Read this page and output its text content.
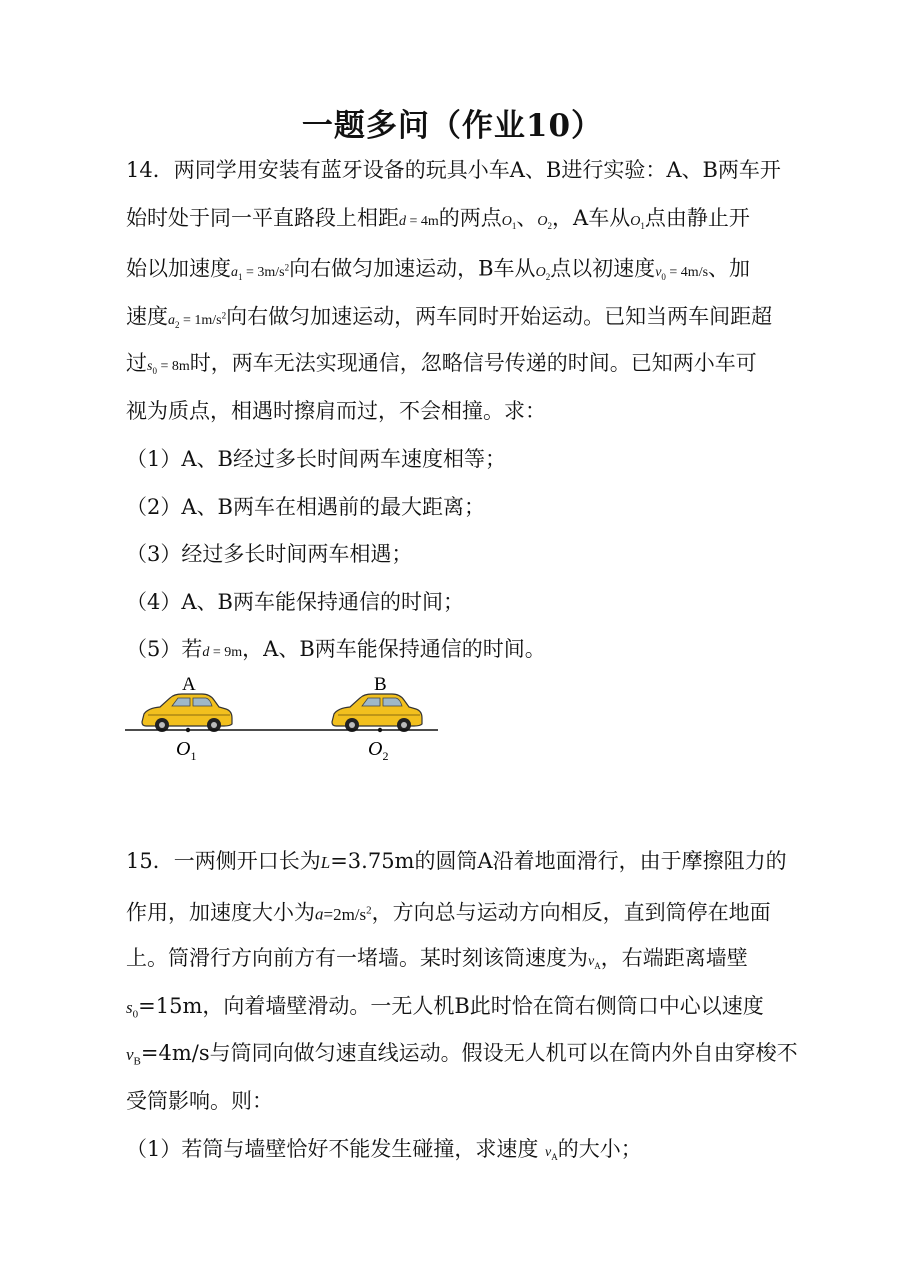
一题多问（作业10）
14．两同学用安装有蓝牙设备的玩具小车A、B进行实验：A、B两车开
始时处于同一平直路段上相距d = 4m的两点$O_1$、$O_2$，A车从$O_1$点由静止开
始以加速度$a_1 = 3m/s^2$向右做匀加速运动，B车从$O_2$点以初速度$v_0 = 4m/s$、加
速度$a_2 = 1m/s^2$向右做匀加速运动，两车同时开始运动。已知当两车间距超
过$s_0 = 8m$时，两车无法实现通信，忽略信号传递的时间。已知两小车可
视为质点，相遇时擦肩而过，不会相撞。求：
（1）A、B经过多长时间两车速度相等；
（2）A、B两车在相遇前的最大距离；
（3）经过多长时间两车相遇；
（4）A、B两车能保持通信的时间；
（5）若d = 9m，A、B两车能保持通信的时间。
A	B
$O_1$	$O_2$
15．一两侧开口长为L=3.75m的圆筒A沿着地面滑行，由于摩擦阻力的
作用，加速度大小为$a=2m/s^2$，方向总与运动方向相反，直到筒停在地面
上。筒滑行方向前方有一堵墙。某时刻该筒速度为$v_A$，右端距离墙壁
$s_0=15m$，向着墙壁滑动。一无人机B此时恰在筒右侧筒口中心以速度
$v_B=4m/s$与筒同向做匀速直线运动。假设无人机可以在筒内外自由穿梭不
受筒影响。则：
（1）若筒与墙壁恰好不能发生碰撞，求速度 $v_A$的大小；
